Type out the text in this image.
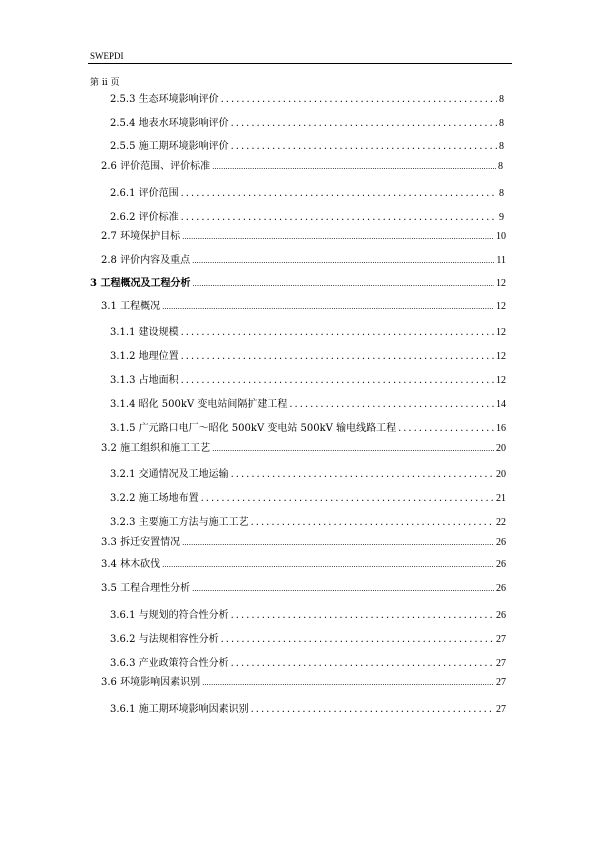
SWEPDI
第 ii 页
2.5.3 生态环境影响评价 .....	8
2.5.4 地表水环境影响评价 .....	8
2.5.5 施工期环境影响评价 .....	8
2.6 评价范围、评价标准 .....	8
2.6.1 评价范围 .....	8
2.6.2 评价标准 .....	9
2.7 环境保护目标 .....	10
2.8 评价内容及重点 .....	11
3 工程概况及工程分析 .....	12
3.1 工程概况 .....	12
3.1.1 建设规模 .....	12
3.1.2 地理位置 .....	12
3.1.3 占地面积 .....	12
3.1.4 昭化 500kV 变电站间隔扩建工程 .....	14
3.1.5 广元路口电厂～昭化 500kV 变电站 500kV 输电线路工程 .....	16
3.2 施工组织和施工工艺 .....	20
3.2.1 交通情况及工地运输 .....	20
3.2.2 施工场地布置 .....	21
3.2.3 主要施工方法与施工工艺 .....	22
3.3 拆迁安置情况 .....	26
3.4 林木砍伐 .....	26
3.5 工程合理性分析 .....	26
3.6.1 与规划的符合性分析 .....	26
3.6.2 与法规相容性分析 .....	27
3.6.3 产业政策符合性分析 .....	27
3.6 环境影响因素识别 .....	27
3.6.1 施工期环境影响因素识别 .....	27
